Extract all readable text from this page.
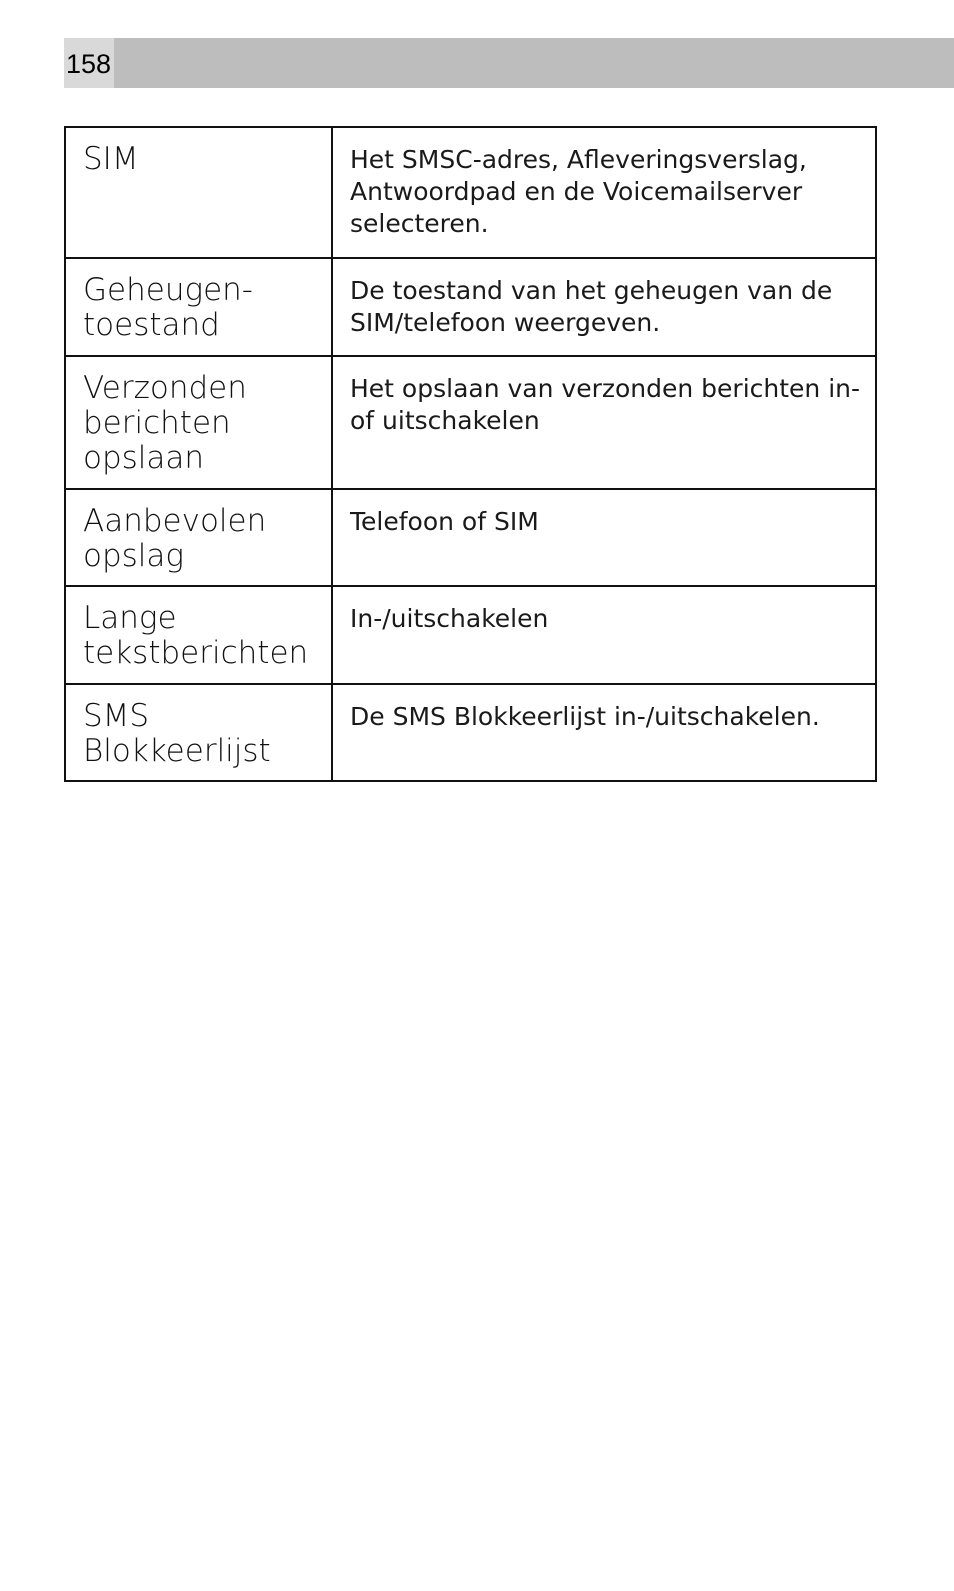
158
SIM	Het SMSC-adres, Afleveringsverslag, Antwoordpad en de Voicemailserver selecteren.
Geheugen-toestand	De toestand van het geheugen van de SIM/telefoon weergeven.
Verzonden berichten opslaan	Het opslaan van verzonden berichten in- of uitschakelen
Aanbevolen opslag	Telefoon of SIM
Lange tekstberichten	In-/uitschakelen
SMS Blokkeerlijst	De SMS Blokkeerlijst in-/uitschakelen.
